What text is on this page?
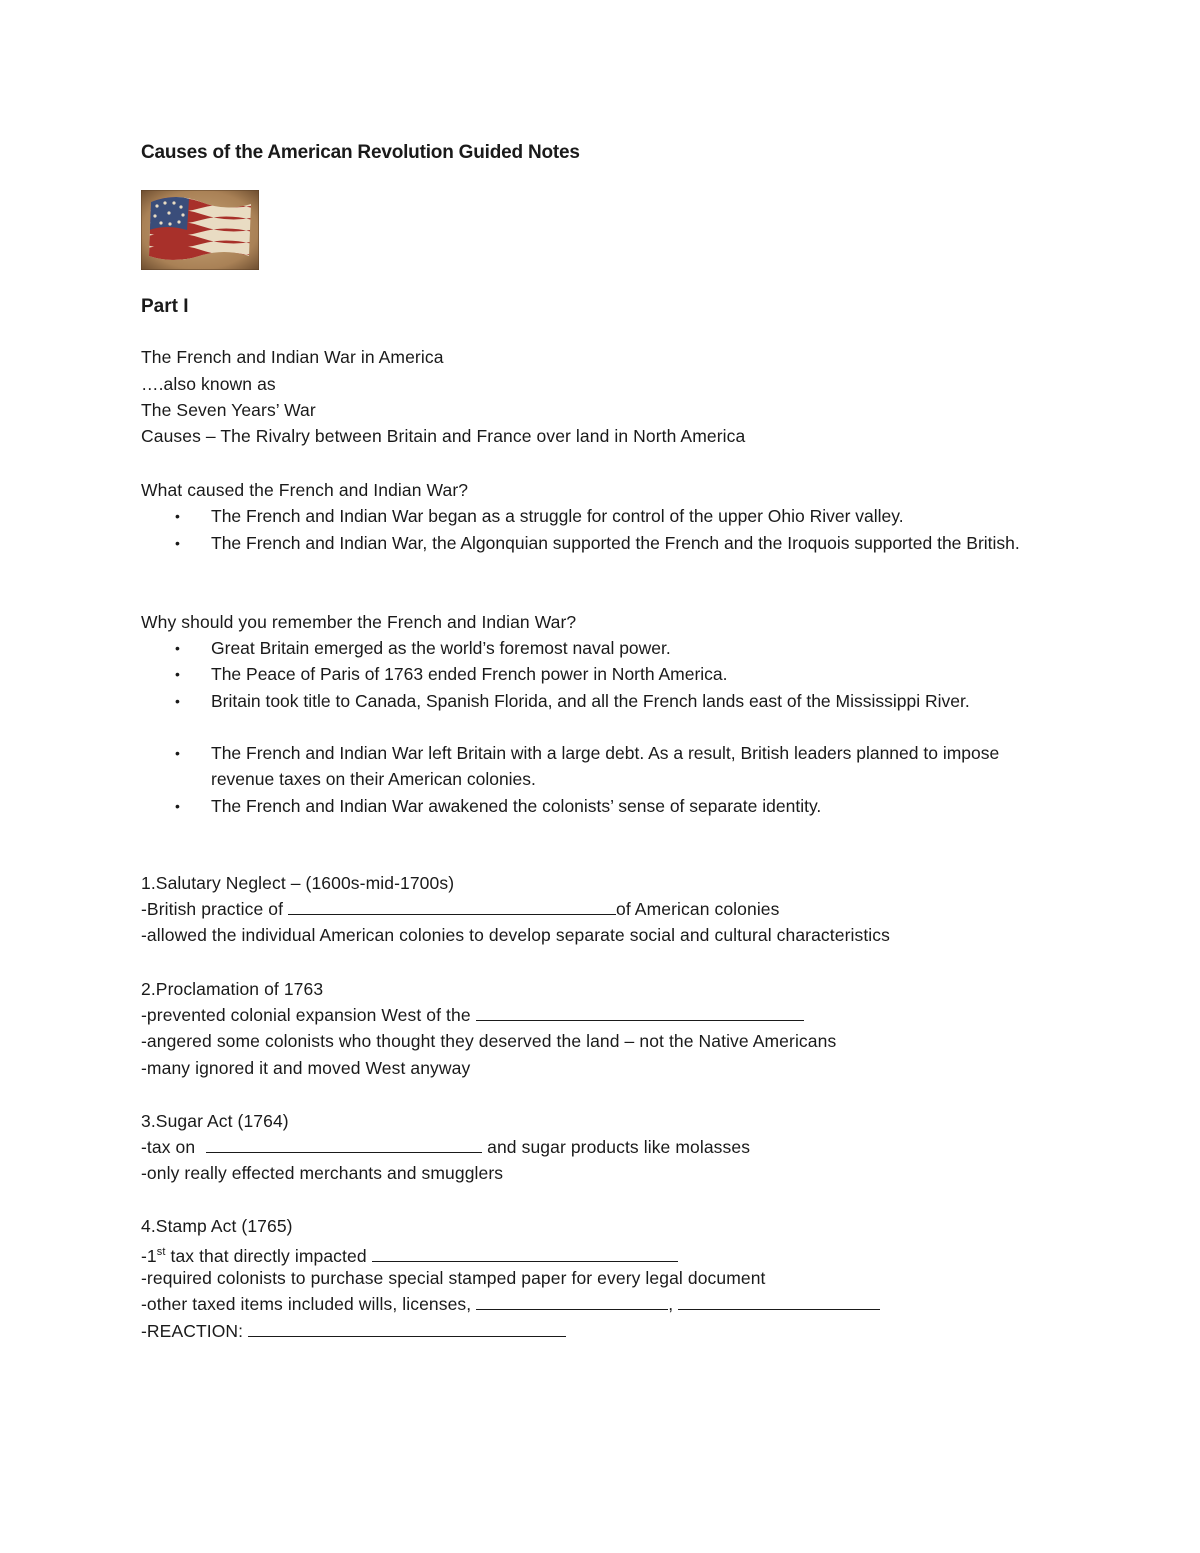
Causes of the American Revolution Guided Notes
Part I
The French and Indian War in America
….also known as
The Seven Years’ War
Causes – The Rivalry between Britain and France over land in North America
What caused the French and Indian War?
• The French and Indian War began as a struggle for control of the upper Ohio River valley.
• The French and Indian War, the Algonquian supported the French and the Iroquois supported the British.
Why should you remember the French and Indian War?
• Great Britain emerged as the world’s foremost naval power.
• The Peace of Paris of 1763 ended French power in North America.
• Britain took title to Canada, Spanish Florida, and all the French lands east of the Mississippi River.
• The French and Indian War left Britain with a large debt. As a result, British leaders planned to impose revenue taxes on their American colonies.
• The French and Indian War awakened the colonists’ sense of separate identity.
1.Salutary Neglect – (1600s-mid-1700s)
-British practice of	of American colonies
-allowed the individual American colonies to develop separate social and cultural characteristics
2.Proclamation of 1763
-prevented colonial expansion West of the
-angered some colonists who thought they deserved the land – not the Native Americans
-many ignored it and moved West anyway
3.Sugar Act (1764)
-tax on	and sugar products like molasses
-only really effected merchants and smugglers
4.Stamp Act (1765)
-1st tax that directly impacted
-required colonists to purchase special stamped paper for every legal document
-other taxed items included wills, licenses,	,
-REACTION:
